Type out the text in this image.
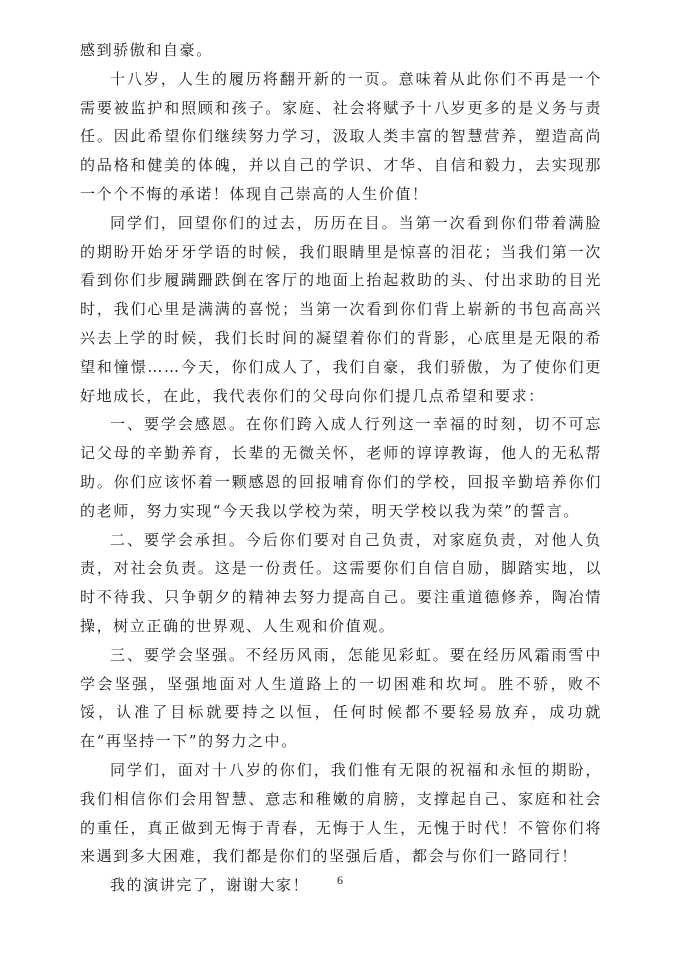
感到骄傲和自豪。

十八岁，人生的履历将翻开新的一页。意味着从此你们不再是一个需要被监护和照顾和孩子。家庭、社会将赋予十八岁更多的是义务与责任。因此希望你们继续努力学习，汲取人类丰富的智慧营养，塑造高尚的品格和健美的体魄，并以自己的学识、才华、自信和毅力，去实现那一个个不悔的承诺！体现自己崇高的人生价值！

同学们，回望你们的过去，历历在目。当第一次看到你们带着满脸的期盼开始牙牙学语的时候，我们眼睛里是惊喜的泪花；当我们第一次看到你们步履蹒跚跌倒在客厅的地面上抬起救助的头、付出求助的目光时，我们心里是满满的喜悦；当第一次看到你们背上崭新的书包高高兴兴去上学的时候，我们长时间的凝望着你们的背影，心底里是无限的希望和憧憬……今天，你们成人了，我们自豪，我们骄傲，为了使你们更好地成长，在此，我代表你们的父母向你们提几点希望和要求：

一、要学会感恩。在你们跨入成人行列这一幸福的时刻，切不可忘记父母的辛勤养育，长辈的无微关怀，老师的谆谆教诲，他人的无私帮助。你们应该怀着一颗感恩的回报哺育你们的学校，回报辛勤培养你们的老师，努力实现“今天我以学校为荣，明天学校以我为荣”的誓言。

二、要学会承担。今后你们要对自己负责，对家庭负责，对他人负责，对社会负责。这是一份责任。这需要你们自信自励，脚踏实地，以时不待我、只争朝夕的精神去努力提高自己。要注重道德修养，陶冶情操，树立正确的世界观、人生观和价值观。

三、要学会坚强。不经历风雨，怎能见彩虹。要在经历风霜雨雪中学会坚强，坚强地面对人生道路上的一切困难和坎坷。胜不骄，败不馁，认准了目标就要持之以恒，任何时候都不要轻易放弃，成功就在“再坚持一下”的努力之中。

同学们，面对十八岁的你们，我们惟有无限的祝福和永恒的期盼，我们相信你们会用智慧、意志和稚嫩的肩膀，支撑起自己、家庭和社会的重任，真正做到无悔于青春，无悔于人生，无愧于时代！不管你们将来遇到多大困难，我们都是你们的坚强后盾，都会与你们一路同行！

我的演讲完了，谢谢大家！	6
